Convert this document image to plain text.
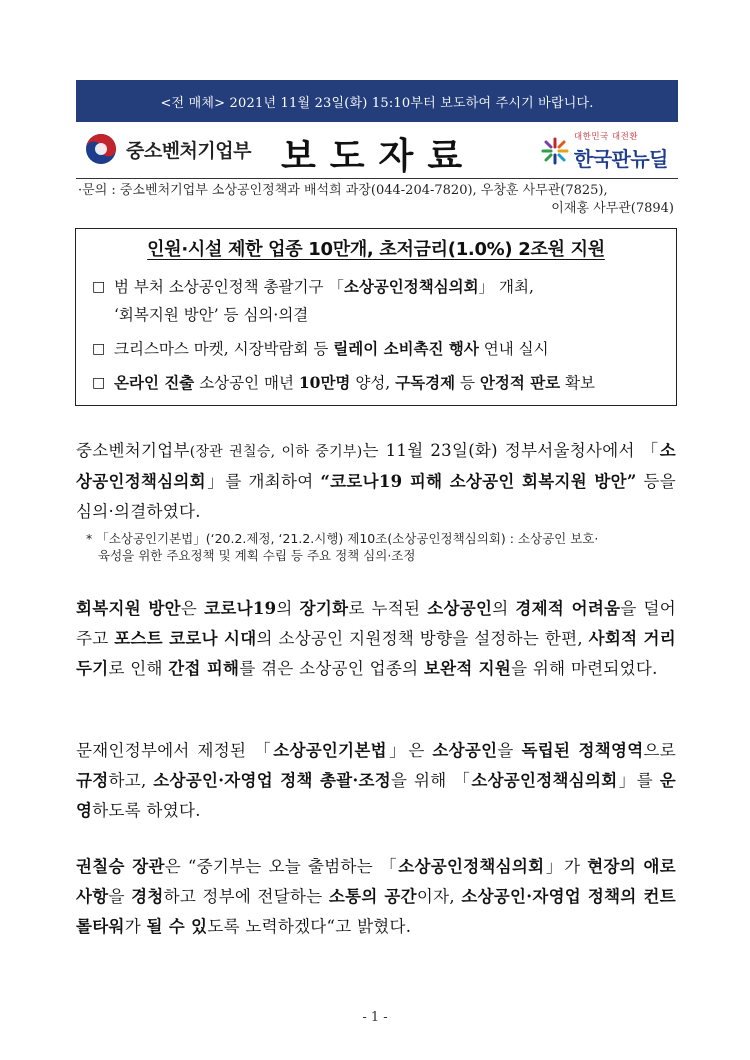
<전 매체> 2021년 11월 23일(화) 15:10부터 보도하여 주시기 바랍니다.
중소벤처기업부 보도자료	대한민국 대전환
한국판뉴딜
·문의 : 중소벤처기업부 소상공인정책과 배석희 과장(044-204-7820), 우창훈 사무관(7825),
이재홍 사무관(7894)
인원·시설 제한 업종 10만개, 초저금리(1.0%) 2조원 지원
□ 범 부처 소상공인정책 총괄기구 「소상공인정책심의회」 개최,
‘회복지원 방안’ 등 심의·의결
□ 크리스마스 마켓, 시장박람회 등 릴레이 소비촉진 행사 연내 실시
□ 온라인 진출 소상공인 매년 10만명 양성, 구독경제 등 안정적 판로 확보
중소벤처기업부(장관 권칠승, 이하 중기부)는 11월 23일(화) 정부서울청사에서 「소상공인정책심의회」를 개최하여 “코로나19 피해 소상공인 회복지원 방안” 등을 심의·의결하였다.
* 「소상공인기본법」(‘20.2.제정, ‘21.2.시행) 제10조(소상공인정책심의회) : 소상공인 보호·
육성을 위한 주요정책 및 계획 수립 등 주요 정책 심의·조정
회복지원 방안은 코로나19의 장기화로 누적된 소상공인의 경제적 어려움을 덜어주고 포스트 코로나 시대의 소상공인 지원정책 방향을 설정하는 한편, 사회적 거리두기로 인해 간접 피해를 겪은 소상공인 업종의 보완적 지원을 위해 마련되었다.
문재인정부에서 제정된 「소상공인기본법」은 소상공인을 독립된 정책영역으로 규정하고, 소상공인·자영업 정책 총괄·조정을 위해 「소상공인정책심의회」를 운영하도록 하였다.
권칠승 장관은 “중기부는 오늘 출범하는 「소상공인정책심의회」가 현장의 애로사항을 경청하고 정부에 전달하는 소통의 공간이자, 소상공인·자영업 정책의 컨트롤타워가 될 수 있도록 노력하겠다“고 밝혔다.
- 1 -
